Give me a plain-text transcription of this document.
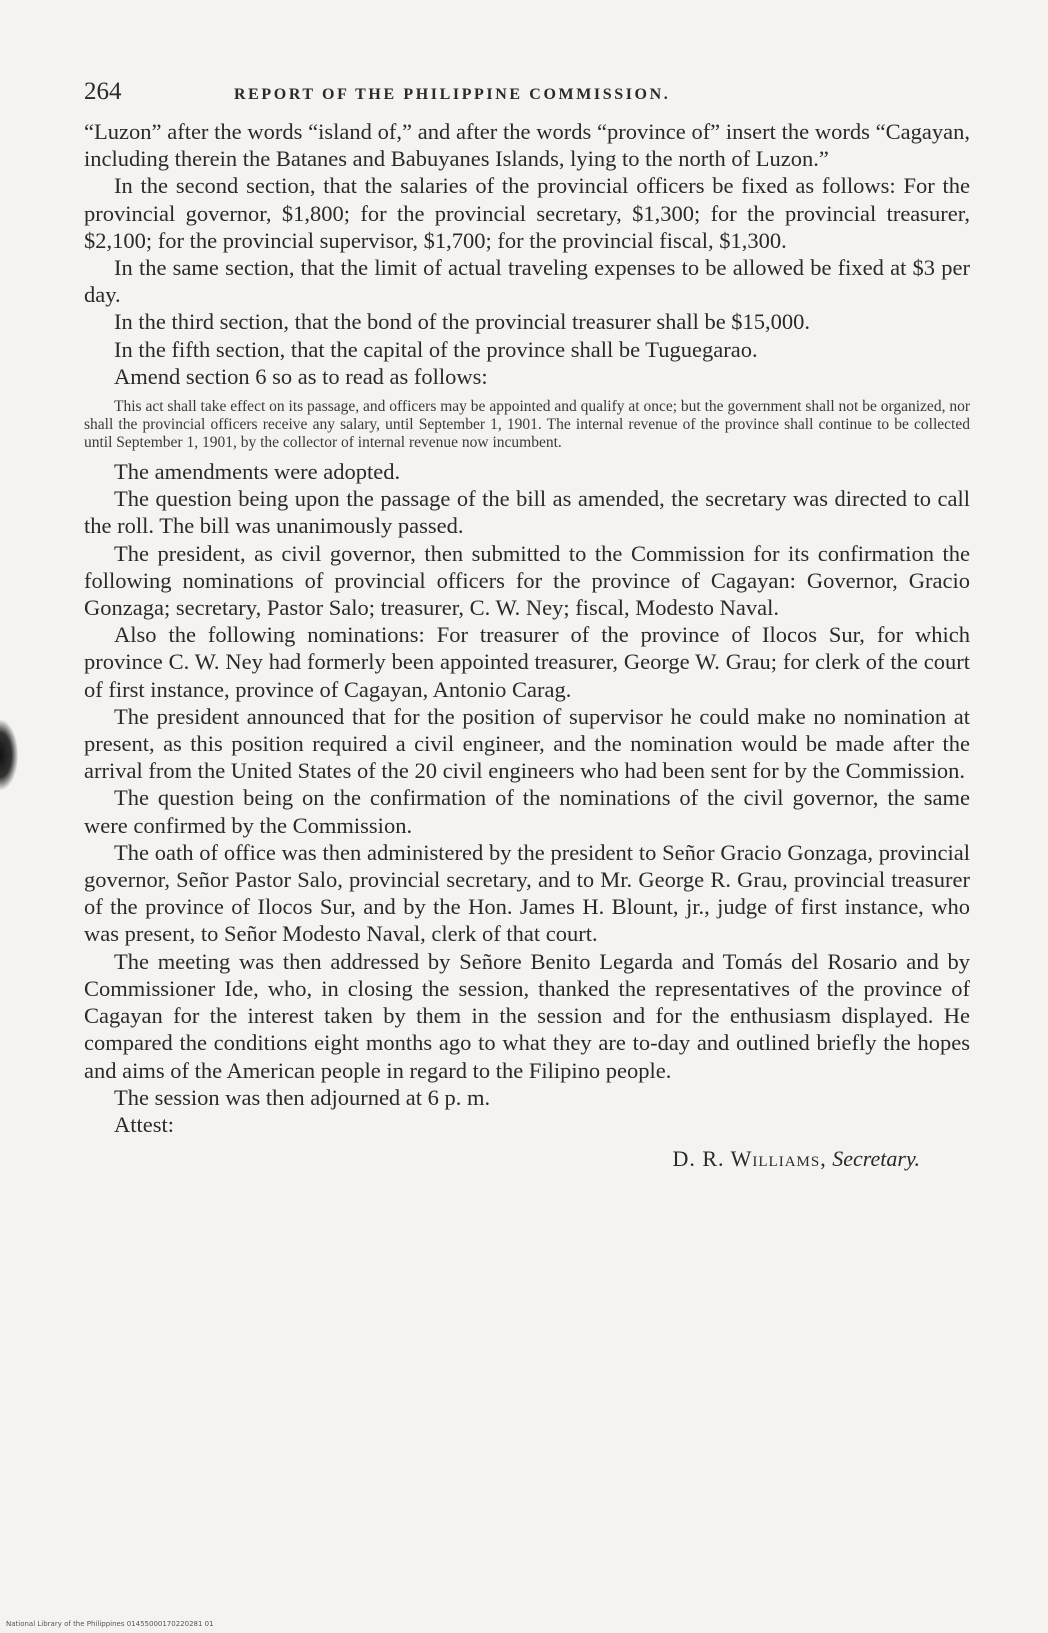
264	REPORT OF THE PHILIPPINE COMMISSION.

“Luzon” after the words “island of,” and after the words “province of” insert the words “Cagayan, including therein the Batanes and Babuyanes Islands, lying to the north of Luzon.”

In the second section, that the salaries of the provincial officers be fixed as follows: For the provincial governor, $1,800; for the provincial secretary, $1,300; for the provincial treasurer, $2,100; for the provincial supervisor, $1,700; for the provincial fiscal, $1,300.

In the same section, that the limit of actual traveling expenses to be allowed be fixed at $3 per day.

In the third section, that the bond of the provincial treasurer shall be $15,000.

In the fifth section, that the capital of the province shall be Tuguegarao.

Amend section 6 so as to read as follows:

This act shall take effect on its passage, and officers may be appointed and qualify at once; but the government shall not be organized, nor shall the provincial officers receive any salary, until September 1, 1901. The internal revenue of the province shall continue to be collected until September 1, 1901, by the collector of internal revenue now incumbent.

The amendments were adopted.

The question being upon the passage of the bill as amended, the secretary was directed to call the roll. The bill was unanimously passed.

The president, as civil governor, then submitted to the Commission for its confirmation the following nominations of provincial officers for the province of Cagayan: Governor, Gracio Gonzaga; secretary, Pastor Salo; treasurer, C. W. Ney; fiscal, Modesto Naval.

Also the following nominations: For treasurer of the province of Ilocos Sur, for which province C. W. Ney had formerly been appointed treasurer, George W. Grau; for clerk of the court of first instance, province of Cagayan, Antonio Carag.

The president announced that for the position of supervisor he could make no nomination at present, as this position required a civil engineer, and the nomination would be made after the arrival from the United States of the 20 civil engineers who had been sent for by the Commission.

The question being on the confirmation of the nominations of the civil governor, the same were confirmed by the Commission.

The oath of office was then administered by the president to Señor Gracio Gonzaga, provincial governor, Señor Pastor Salo, provincial secretary, and to Mr. George R. Grau, provincial treasurer of the province of Ilocos Sur, and by the Hon. James H. Blount, jr., judge of first instance, who was present, to Señor Modesto Naval, clerk of that court.

The meeting was then addressed by Señore Benito Legarda and Tomás del Rosario and by Commissioner Ide, who, in closing the session, thanked the representatives of the province of Cagayan for the interest taken by them in the session and for the enthusiasm displayed. He compared the conditions eight months ago to what they are to-day and outlined briefly the hopes and aims of the American people in regard to the Filipino people.

The session was then adjourned at 6 p. m.

Attest:

D. R. Williams, Secretary.
National Library of the Philippines 01455000170220281 01
